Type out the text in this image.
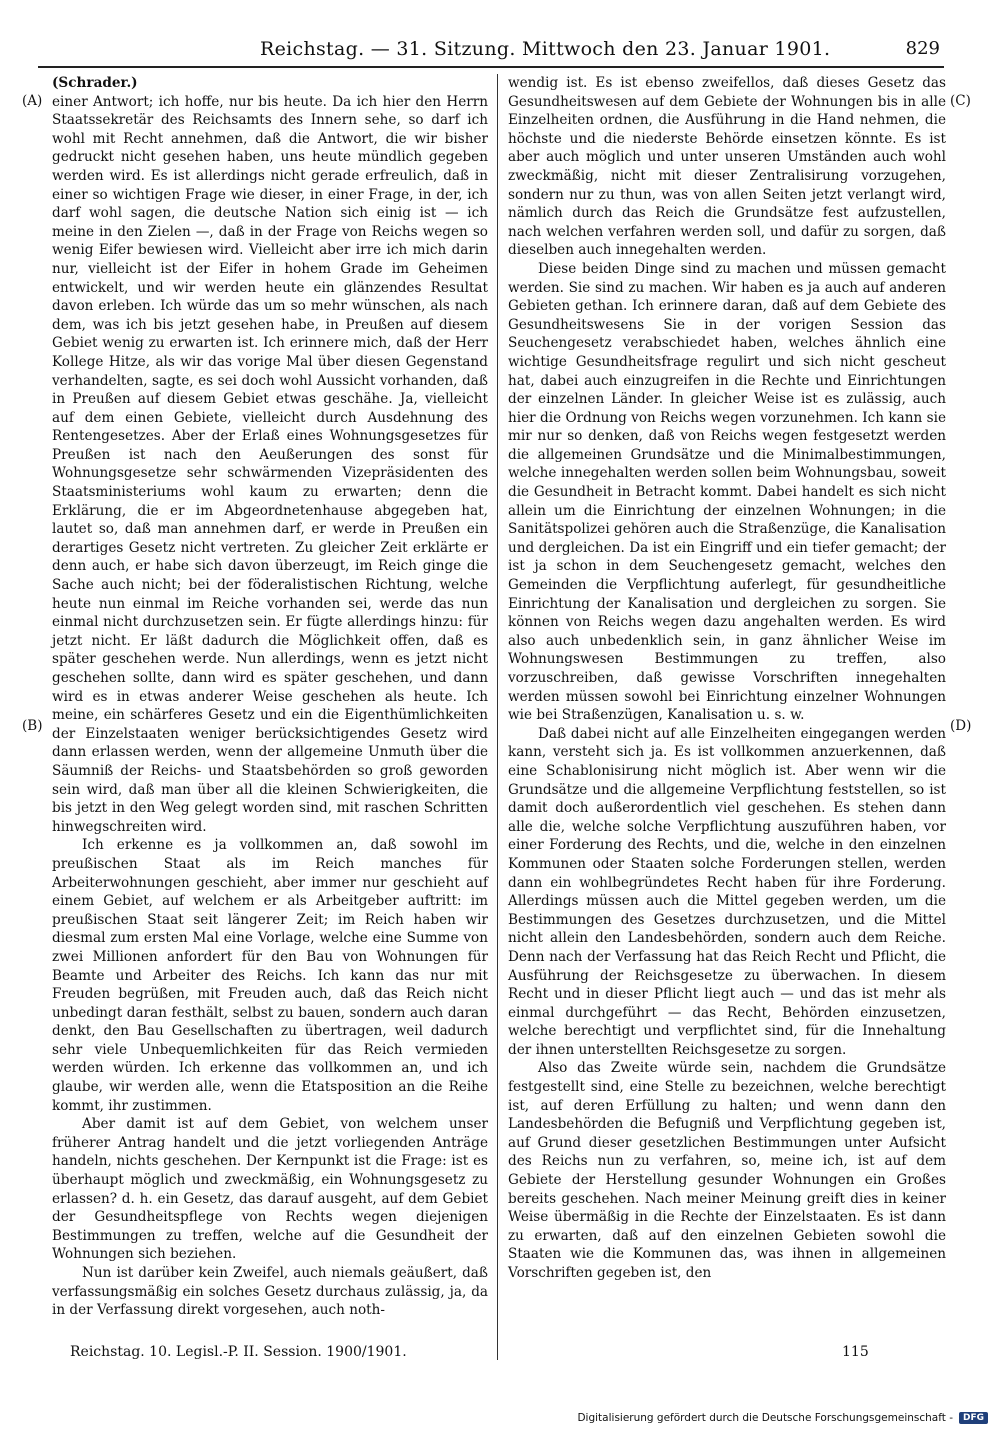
Reichstag. — 31. Sitzung. Mittwoch den 23. Januar 1901.	829
(A)
(B)
(C)
(D)

(Schrader.)

einer Antwort; ich hoffe, nur bis heute. Da ich hier den Herrn Staatssekretär des Reichsamts des Innern sehe, so darf ich wohl mit Recht annehmen, daß die Antwort, die wir bisher gedruckt nicht gesehen haben, uns heute mündlich gegeben werden wird. Es ist allerdings nicht gerade erfreulich, daß in einer so wichtigen Frage wie dieser, in einer Frage, in der, ich darf wohl sagen, die deutsche Nation sich einig ist — ich meine in den Zielen —, daß in der Frage von Reichs wegen so wenig Eifer bewiesen wird. Vielleicht aber irre ich mich darin nur, vielleicht ist der Eifer in hohem Grade im Geheimen entwickelt, und wir werden heute ein glänzendes Resultat davon erleben. Ich würde das um so mehr wünschen, als nach dem, was ich bis jetzt gesehen habe, in Preußen auf diesem Gebiet wenig zu erwarten ist. Ich erinnere mich, daß der Herr Kollege Hitze, als wir das vorige Mal über diesen Gegenstand verhandelten, sagte, es sei doch wohl Aussicht vorhanden, daß in Preußen auf diesem Gebiet etwas geschähe. Ja, vielleicht auf dem einen Gebiete, vielleicht durch Ausdehnung des Rentengesetzes. Aber der Erlaß eines Wohnungsgesetzes für Preußen ist nach den Aeußerungen des sonst für Wohnungsgesetze sehr schwärmenden Vizepräsidenten des Staatsministeriums wohl kaum zu erwarten; denn die Erklärung, die er im Abgeordnetenhause abgegeben hat, lautet so, daß man annehmen darf, er werde in Preußen ein derartiges Gesetz nicht vertreten. Zu gleicher Zeit erklärte er denn auch, er habe sich davon überzeugt, im Reich ginge die Sache auch nicht; bei der föderalistischen Richtung, welche heute nun einmal im Reiche vorhanden sei, werde das nun einmal nicht durchzusetzen sein. Er fügte allerdings hinzu: für jetzt nicht. Er läßt dadurch die Möglichkeit offen, daß es später geschehen werde. Nun allerdings, wenn es jetzt nicht geschehen sollte, dann wird es später geschehen, und dann wird es in etwas anderer Weise geschehen als heute. Ich meine, ein schärferes Gesetz und ein die Eigenthümlichkeiten der Einzelstaaten weniger berücksichtigendes Gesetz wird dann erlassen werden, wenn der allgemeine Unmuth über die Säumniß der Reichs- und Staatsbehörden so groß geworden sein wird, daß man über all die kleinen Schwierigkeiten, die bis jetzt in den Weg gelegt worden sind, mit raschen Schritten hinwegschreiten wird.

Ich erkenne es ja vollkommen an, daß sowohl im preußischen Staat als im Reich manches für Arbeiterwohnungen geschieht, aber immer nur geschieht auf einem Gebiet, auf welchem er als Arbeitgeber auftritt: im preußischen Staat seit längerer Zeit; im Reich haben wir diesmal zum ersten Mal eine Vorlage, welche eine Summe von zwei Millionen anfordert für den Bau von Wohnungen für Beamte und Arbeiter des Reichs. Ich kann das nur mit Freuden begrüßen, mit Freuden auch, daß das Reich nicht unbedingt daran festhält, selbst zu bauen, sondern auch daran denkt, den Bau Gesellschaften zu übertragen, weil dadurch sehr viele Unbequemlichkeiten für das Reich vermieden werden würden. Ich erkenne das vollkommen an, und ich glaube, wir werden alle, wenn die Etatsposition an die Reihe kommt, ihr zustimmen.

Aber damit ist auf dem Gebiet, von welchem unser früherer Antrag handelt und die jetzt vorliegenden Anträge handeln, nichts geschehen. Der Kernpunkt ist die Frage: ist es überhaupt möglich und zweckmäßig, ein Wohnungsgesetz zu erlassen? d. h. ein Gesetz, das darauf ausgeht, auf dem Gebiet der Gesundheitspflege von Rechts wegen diejenigen Bestimmungen zu treffen, welche auf die Gesundheit der Wohnungen sich beziehen.

Nun ist darüber kein Zweifel, auch niemals geäußert, daß verfassungsmäßig ein solches Gesetz durchaus zulässig, ja, da in der Verfassung direkt vorgesehen, auch noth-

wendig ist. Es ist ebenso zweifellos, daß dieses Gesetz das Gesundheitswesen auf dem Gebiete der Wohnungen bis in alle Einzelheiten ordnen, die Ausführung in die Hand nehmen, die höchste und die niederste Behörde einsetzen könnte. Es ist aber auch möglich und unter unseren Umständen auch wohl zweckmäßig, nicht mit dieser Zentralisirung vorzugehen, sondern nur zu thun, was von allen Seiten jetzt verlangt wird, nämlich durch das Reich die Grundsätze fest aufzustellen, nach welchen verfahren werden soll, und dafür zu sorgen, daß dieselben auch innegehalten werden.

Diese beiden Dinge sind zu machen und müssen gemacht werden. Sie sind zu machen. Wir haben es ja auch auf anderen Gebieten gethan. Ich erinnere daran, daß auf dem Gebiete des Gesundheitswesens Sie in der vorigen Session das Seuchengesetz verabschiedet haben, welches ähnlich eine wichtige Gesundheitsfrage regulirt und sich nicht gescheut hat, dabei auch einzugreifen in die Rechte und Einrichtungen der einzelnen Länder. In gleicher Weise ist es zulässig, auch hier die Ordnung von Reichs wegen vorzunehmen. Ich kann sie mir nur so denken, daß von Reichs wegen festgesetzt werden die allgemeinen Grundsätze und die Minimalbestimmungen, welche innegehalten werden sollen beim Wohnungsbau, soweit die Gesundheit in Betracht kommt. Dabei handelt es sich nicht allein um die Einrichtung der einzelnen Wohnungen; in die Sanitätspolizei gehören auch die Straßenzüge, die Kanalisation und dergleichen. Da ist ein Eingriff und ein tiefer gemacht; der ist ja schon in dem Seuchengesetz gemacht, welches den Gemeinden die Verpflichtung auferlegt, für gesundheitliche Einrichtung der Kanalisation und dergleichen zu sorgen. Sie können von Reichs wegen dazu angehalten werden. Es wird also auch unbedenklich sein, in ganz ähnlicher Weise im Wohnungswesen Bestimmungen zu treffen, also vorzuschreiben, daß gewisse Vorschriften innegehalten werden müssen sowohl bei Einrichtung einzelner Wohnungen wie bei Straßenzügen, Kanalisation u. s. w.

Daß dabei nicht auf alle Einzelheiten eingegangen werden kann, versteht sich ja. Es ist vollkommen anzuerkennen, daß eine Schablonisirung nicht möglich ist. Aber wenn wir die Grundsätze und die allgemeine Verpflichtung feststellen, so ist damit doch außerordentlich viel geschehen. Es stehen dann alle die, welche solche Verpflichtung auszuführen haben, vor einer Forderung des Rechts, und die, welche in den einzelnen Kommunen oder Staaten solche Forderungen stellen, werden dann ein wohlbegründetes Recht haben für ihre Forderung. Allerdings müssen auch die Mittel gegeben werden, um die Bestimmungen des Gesetzes durchzusetzen, und die Mittel nicht allein den Landesbehörden, sondern auch dem Reiche. Denn nach der Verfassung hat das Reich Recht und Pflicht, die Ausführung der Reichsgesetze zu überwachen. In diesem Recht und in dieser Pflicht liegt auch — und das ist mehr als einmal durchgeführt — das Recht, Behörden einzusetzen, welche berechtigt und verpflichtet sind, für die Innehaltung der ihnen unterstellten Reichsgesetze zu sorgen.

Also das Zweite würde sein, nachdem die Grundsätze festgestellt sind, eine Stelle zu bezeichnen, welche berechtigt ist, auf deren Erfüllung zu halten; und wenn dann den Landesbehörden die Befugniß und Verpflichtung gegeben ist, auf Grund dieser gesetzlichen Bestimmungen unter Aufsicht des Reichs nun zu verfahren, so, meine ich, ist auf dem Gebiete der Herstellung gesunder Wohnungen ein Großes bereits geschehen. Nach meiner Meinung greift dies in keiner Weise übermäßig in die Rechte der Einzelstaaten. Es ist dann zu erwarten, daß auf den einzelnen Gebieten sowohl die Staaten wie die Kommunen das, was ihnen in allgemeinen Vorschriften gegeben ist, den

Reichstag. 10. Legisl.-P. II. Session. 1900/1901.	115
Digitalisierung gefördert durch die Deutsche Forschungsgemeinschaft -	DFG
